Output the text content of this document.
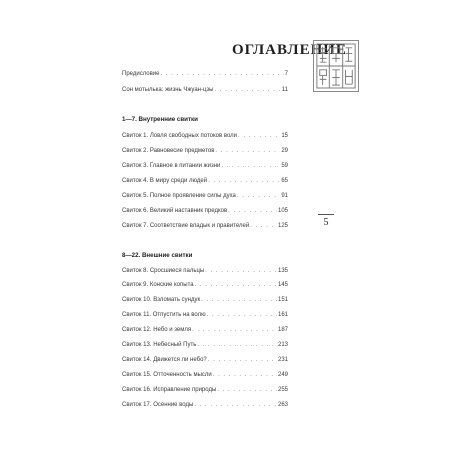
ОГЛАВЛЕНИЕ
Предисловие . . .	7
Сон мотылька: жизнь Чжуан-цзы . . .	11
1—7. Внутренние свитки
Свиток 1. Ловля свободных потоков воли . . .	15
Свиток 2. Равновесие предметов . . .	29
Свиток 3. Главное в питании жизни . . .	59
Свиток 4. В миру среди людей . . .	65
Свиток 5. Полное проявление силы духа . . .	91
Свиток 6. Великий наставник предков . . .	105
Свиток 7. Соответствие владык и правителей . . .	125
8—22. Внешние свитки
Свиток 8. Сросшиеся пальцы . . .	135
Свиток 9. Конские копыта . . .	145
Свиток 10. Взломать сундук . . .	151
Свиток 11. Отпустить на волю . . .	161
Свиток 12. Небо и земля . . .	187
Свиток 13. Небесный Путь . . .	213
Свиток 14. Движется ли небо? . . .	231
Свиток 15. Отточенность мысли . . .	249
Свиток 16. Исправление природы . . .	255
Свиток 17. Осенние воды . . .	263
5
